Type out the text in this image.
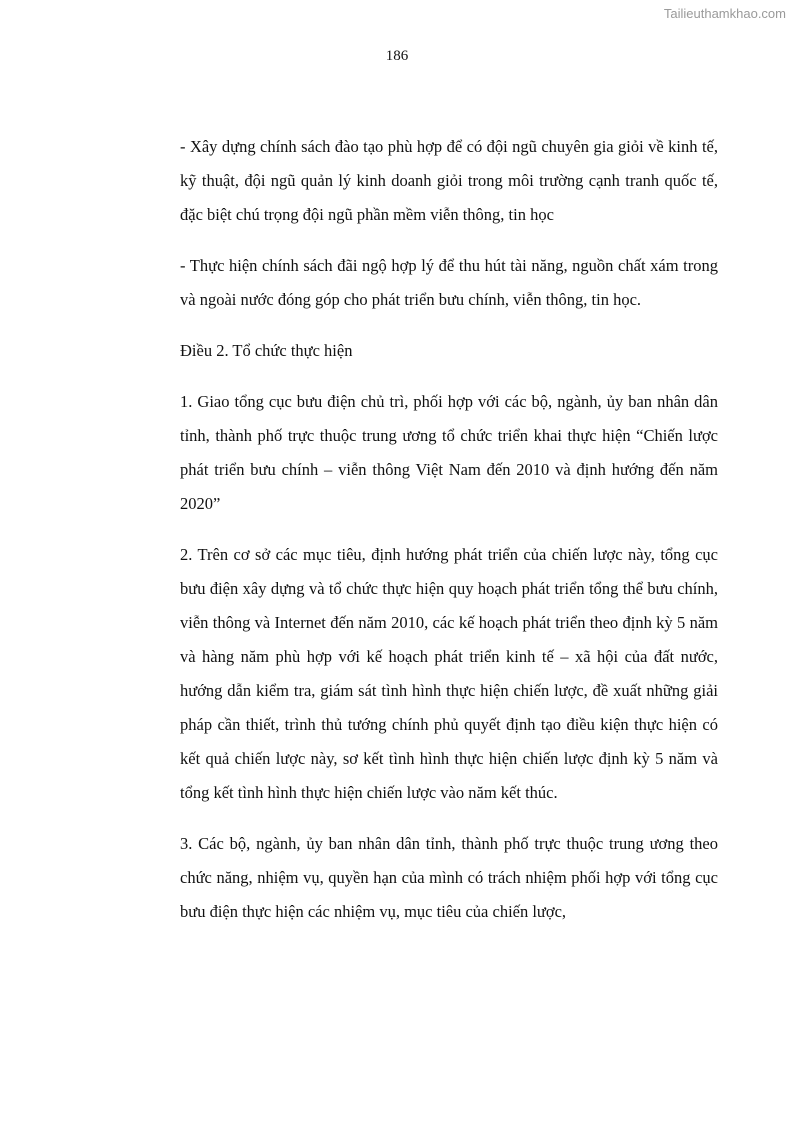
Tailieuthamkhao.com
186

- Xây dựng chính sách đào tạo phù hợp để có đội ngũ chuyên gia giỏi về kinh tế, kỹ thuật, đội ngũ quản lý kinh doanh giỏi trong môi trường cạnh tranh quốc tế, đặc biệt chú trọng đội ngũ phần mềm viễn thông, tin học

- Thực hiện chính sách đãi ngộ hợp lý để thu hút tài năng, nguồn chất xám trong và ngoài nước đóng góp cho phát triển bưu chính, viễn thông, tin học.

Điều 2. Tổ chức thực hiện

1. Giao tổng cục bưu điện chủ trì, phối hợp với các bộ, ngành, ủy ban nhân dân tỉnh, thành phố trực thuộc trung ương tổ chức triển khai thực hiện “Chiến lược phát triển bưu chính – viễn thông Việt Nam đến 2010 và định hướng đến năm 2020”

2. Trên cơ sở các mục tiêu, định hướng phát triển của chiến lược này, tổng cục bưu điện xây dựng và tổ chức thực hiện quy hoạch phát triển tổng thể bưu chính, viễn thông và Internet đến năm 2010, các kế hoạch phát triển theo định kỳ 5 năm và hàng năm phù hợp với kế hoạch phát triển kinh tế – xã hội của đất nước, hướng dẫn kiểm tra, giám sát tình hình thực hiện chiến lược, đề xuất những giải pháp cần thiết, trình thủ tướng chính phủ quyết định tạo điều kiện thực hiện có kết quả chiến lược này, sơ kết tình hình thực hiện chiến lược định kỳ 5 năm và tổng kết tình hình thực hiện chiến lược vào năm kết thúc.

3. Các bộ, ngành, ủy ban nhân dân tỉnh, thành phố trực thuộc trung ương theo chức năng, nhiệm vụ, quyền hạn của mình có trách nhiệm phối hợp với tổng cục bưu điện thực hiện các nhiệm vụ, mục tiêu của chiến lược,
